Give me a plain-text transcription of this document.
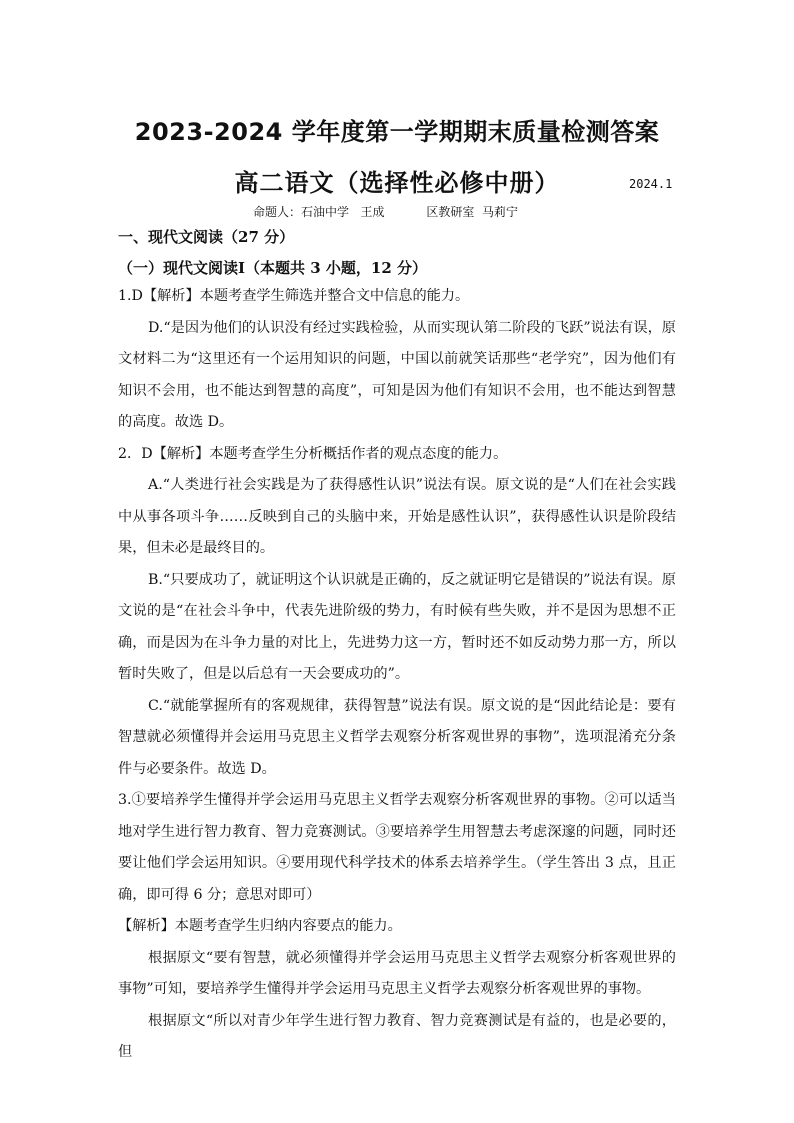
2023-2024 学年度第一学期期末质量检测答案
高二语文（选择性必修中册）	2024.1
命题人：石油中学   王成           区教研室  马莉宁
一、现代文阅读（27 分）
（一）现代文阅读Ⅰ（本题共 3 小题，12 分）

1.D【解析】本题考查学生筛选并整合文中信息的能力。

D.“是因为他们的认识没有经过实践检验，从而实现认第二阶段的飞跃”说法有误，原文材料二为“这里还有一个运用知识的问题，中国以前就笑话那些“老学究”，因为他们有知识不会用，也不能达到智慧的高度”，可知是因为他们有知识不会用，也不能达到智慧的高度。故选 D。

2．D【解析】本题考查学生分析概括作者的观点态度的能力。

A.“人类进行社会实践是为了获得感性认识”说法有误。原文说的是“人们在社会实践中从事各项斗争……反映到自己的头脑中来，开始是感性认识”，获得感性认识是阶段结果，但未必是最终目的。

B.“只要成功了，就证明这个认识就是正确的，反之就证明它是错误的”说法有误。原文说的是“在社会斗争中，代表先进阶级的势力，有时候有些失败，并不是因为思想不正确，而是因为在斗争力量的对比上，先进势力这一方，暂时还不如反动势力那一方，所以暂时失败了，但是以后总有一天会要成功的”。

C.“就能掌握所有的客观规律，获得智慧”说法有误。原文说的是“因此结论是：要有智慧就必须懂得并会运用马克思主义哲学去观察分析客观世界的事物”，选项混淆充分条件与必要条件。故选 D。

3.①要培养学生懂得并学会运用马克思主义哲学去观察分析客观世界的事物。②可以适当地对学生进行智力教育、智力竞赛测试。③要培养学生用智慧去考虑深邃的问题，同时还要让他们学会运用知识。④要用现代科学技术的体系去培养学生。（学生答出 3 点，且正确，即可得 6 分；意思对即可）

【解析】本题考查学生归纳内容要点的能力。

根据原文“要有智慧，就必须懂得并学会运用马克思主义哲学去观察分析客观世界的事物”可知，要培养学生懂得并学会运用马克思主义哲学去观察分析客观世界的事物。

根据原文“所以对青少年学生进行智力教育、智力竞赛测试是有益的，也是必要的，但
